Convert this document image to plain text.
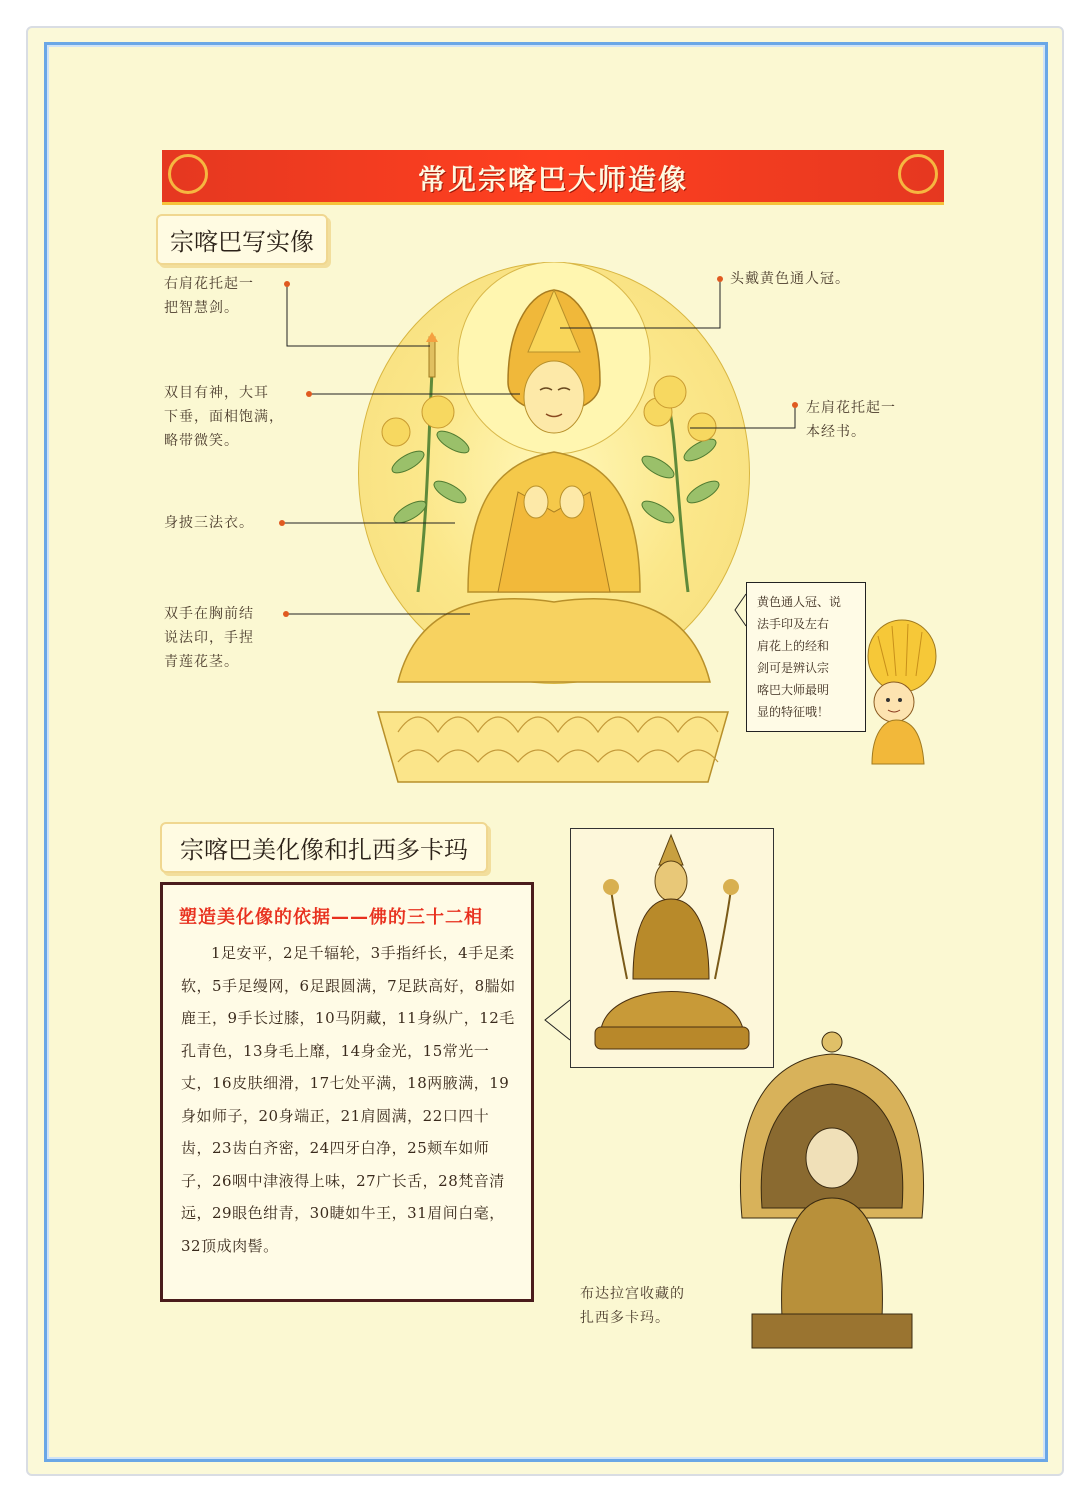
常见宗喀巴大师造像
宗喀巴写实像
右肩花托起一
把智慧剑。
双目有神，大耳
下垂，面相饱满，
略带微笑。
身披三法衣。
双手在胸前结
说法印，手捏
青莲花茎。
头戴黄色通人冠。
左肩花托起一
本经书。
黄色通人冠、说
法手印及左右
肩花上的经和
剑可是辨认宗
喀巴大师最明
显的特征哦！
宗喀巴美化像和扎西多卡玛
塑造美化像的依据——佛的三十二相
1足安平，2足千辐轮，3手指纤长，4手足柔软，5手足缦网，6足跟圆满，7足趺高好，8腨如鹿王，9手长过膝，10马阴藏，11身纵广，12毛孔青色，13身毛上靡，14身金光，15常光一丈，16皮肤细滑，17七处平满，18两腋满，19身如师子，20身端正，21肩圆满，22口四十齿，23齿白齐密，24四牙白净，25颊车如师子，26咽中津液得上味，27广长舌，28梵音清远，29眼色绀青，30睫如牛王，31眉间白毫，32顶成肉髻。
布达拉宫收藏的
扎西多卡玛。
